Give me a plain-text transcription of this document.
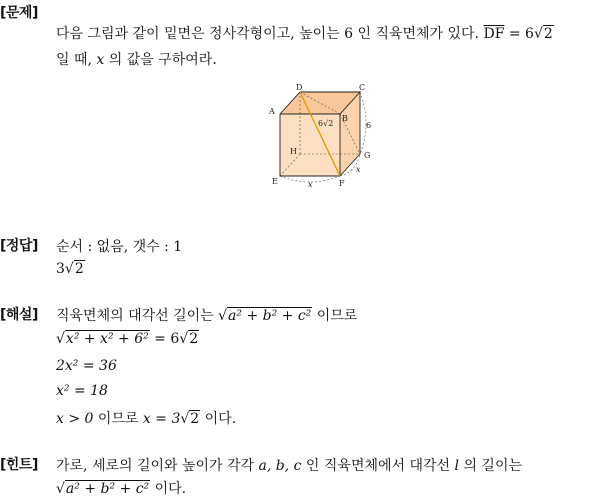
[문제]
다음 그림과 같이 밑면은 정사각형이고, 높이는 6 인 직육면체가 있다. $\overline{DF} = 6√2$
일 때, x 의 값을 구하여라.
A
D	C
B
H	G
E	F
6√2	6
x
x
[정답] 순서 : 없음, 갯수 : 1
3√2
[해설] 직육면체의 대각선 길이는 √a² + b² + c² 이므로
√x² + x² + 6² = 6√2
2x² = 36
x² = 18
x > 0 이므로 x = 3√2 이다.
[힌트] 가로, 세로의 길이와 높이가 각각 a, b, c 인 직육면체에서 대각선 l 의 길이는
√a² + b² + c² 이다.
